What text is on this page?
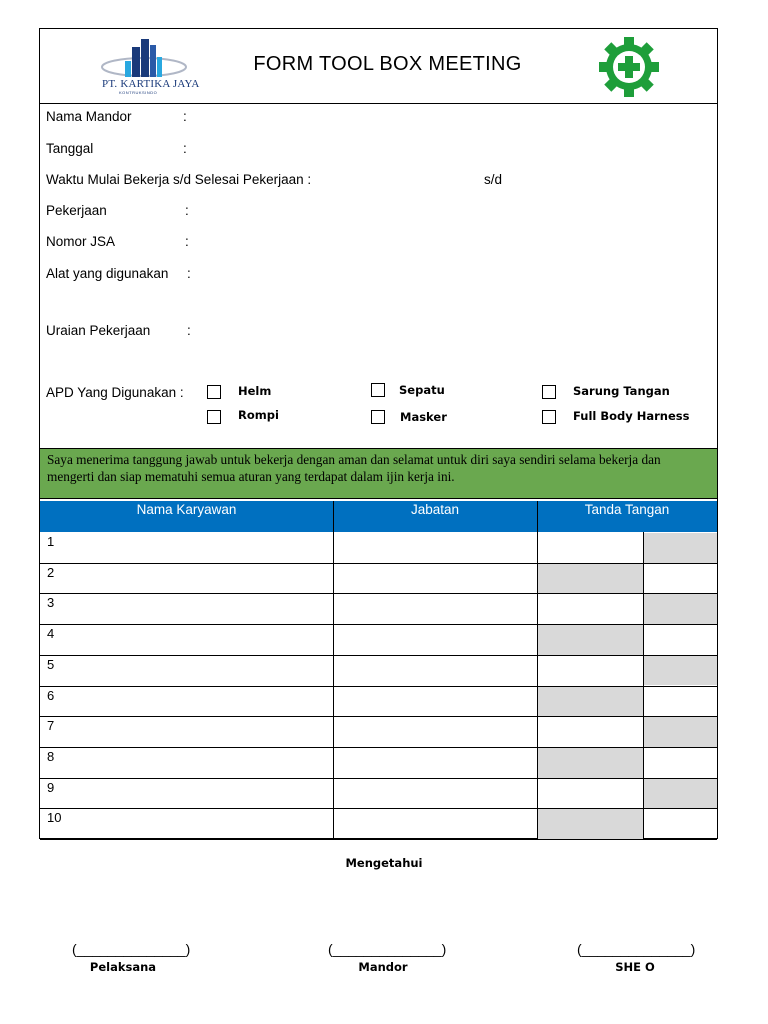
PT. KARTIKA JAYA
KONTRUKSINDO
FORM TOOL BOX MEETING
Nama Mandor	:
Tanggal	:
Waktu Mulai Bekerja s/d Selesai Pekerjaan :	s/d
Pekerjaan	:
Nomor JSA	:
Alat yang digunakan :
Uraian Pekerjaan	:
APD Yang Digunakan :	Helm	Sepatu	Sarung Tangan
Rompi	Masker	Full Body Harness
Saya menerima tanggung jawab untuk bekerja dengan aman dan selamat untuk diri saya sendiri selama bekerja dan mengerti dan siap mematuhi semua aturan yang terdapat dalam ijin kerja ini.
Nama Karyawan	Jabatan	Tanda Tangan
1
2
3
4
5
6
7
8
9
10
Mengetahui
(______________)
Pelaksana
(______________)
Mandor
(______________)
SHE O
